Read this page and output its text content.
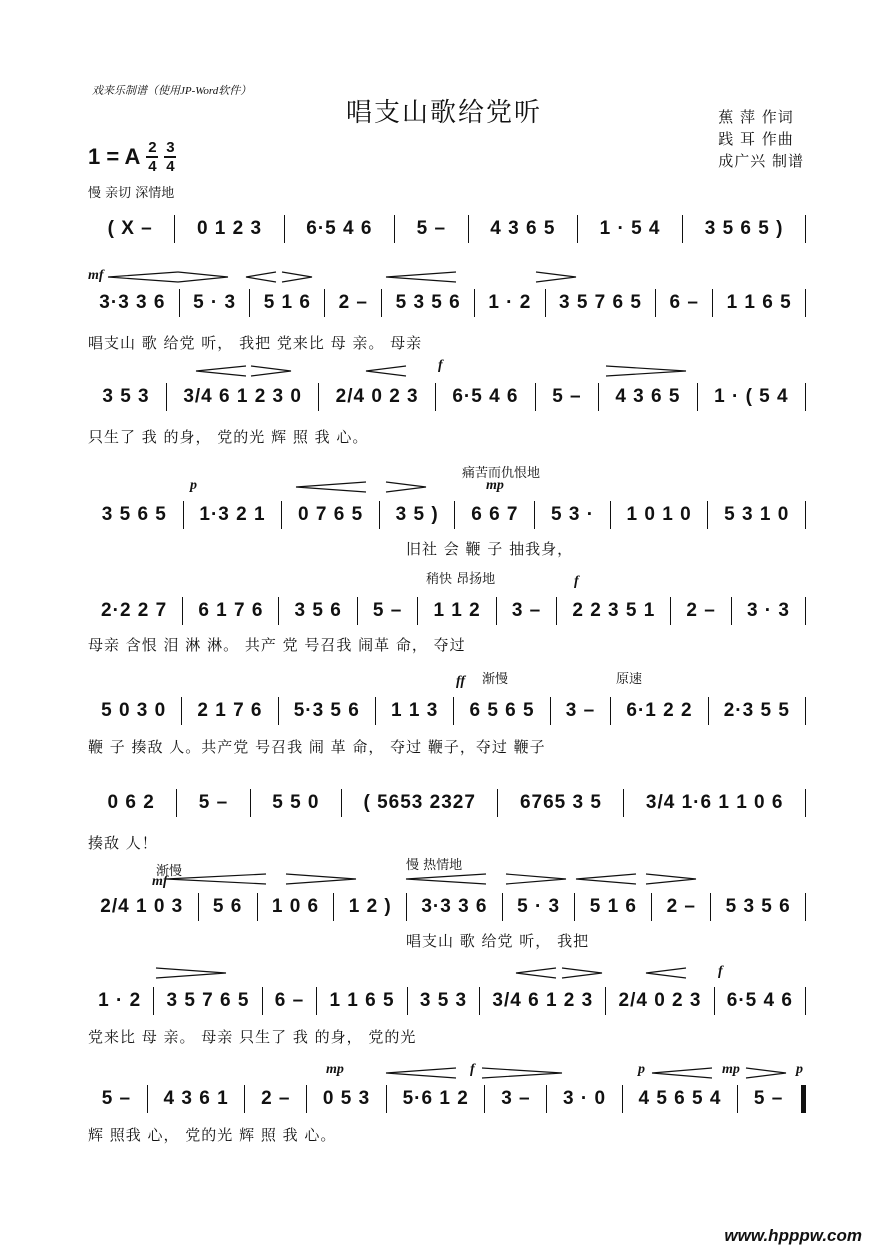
戏来乐制谱（使用JP-Word软件）
唱支山歌给党听	蕉 萍 作词
践 耳 作曲
成广兴 制谱
1 = A $\frac{2}{4} \frac{3}{4}$
慢 亲切 深情地
( X –	0 1 2 3	6·5 4 6	5 –	4 3 6 5	1 · 5 4	3 5 6 5 )
3·3 3 6	5 · 3	5 1 6	2 –	5 3 5 6	1 · 2	3 5 7 6 5	6 –	1 1 6 5
唱支山 歌 给党 听， 我把 党来比 母 亲。 母亲
mf
3 5 3	3/4 6 1 2 3 0	2/4 0 2 3	6·5 4 6	5 –	4 3 6 5	1 · ( 5 4
只生了 我 的身， 党的光 辉 照 我 心。
f
3 5 6 5	1·3 2 1	0 7 6 5	3 5 )	6 6 7	5 3 ·	1 0 1 0	5 3 1 0
旧社 会 鞭 子 抽我身，
痛苦而仇恨地
p	mp
2·2 2 7	6 1 7 6	3 5 6	5 –	1 1 2	3 –	2 2 3 5 1	2 –	3 · 3
母亲 含恨 泪 淋 淋。 共产 党 号召我 闹革 命， 夺过
稍快 昂扬地	f
5 0 3 0	2 1 7 6	5·3 5 6	1 1 3	6 5 6 5	3 –	6·1 2 2	2·3 5 5
鞭 子 揍敌 人。共产党 号召我 闹 革 命， 夺过 鞭子，夺过 鞭子
渐慢	原速
ff
0 6 2	5 –	5 5 0	( 5653 2327	6765 3 5	3/4 1·6 1 1 0 6
揍敌 人！
2/4 1 0 3	5 6	1 0 6	1 2 )	3·3 3 6	5 · 3	5 1 6	2 –	5 3 5 6
唱支山 歌 给党 听， 我把
渐慢	慢 热情地
mf
1 · 2	3 5 7 6 5	6 –	1 1 6 5	3 5 3	3/4 6 1 2 3	2/4 0 2 3	6·5 4 6
党来比 母 亲。 母亲 只生了 我 的身， 党的光
f
5 –	4 3 6 1	2 –	0 5 3	5·6 1 2	3 –	3 · 0	4 5 6 5 4	5 –
辉 照我 心， 党的光 辉 照 我 心。
mp	f	p	mp	p
www.hpppw.com
